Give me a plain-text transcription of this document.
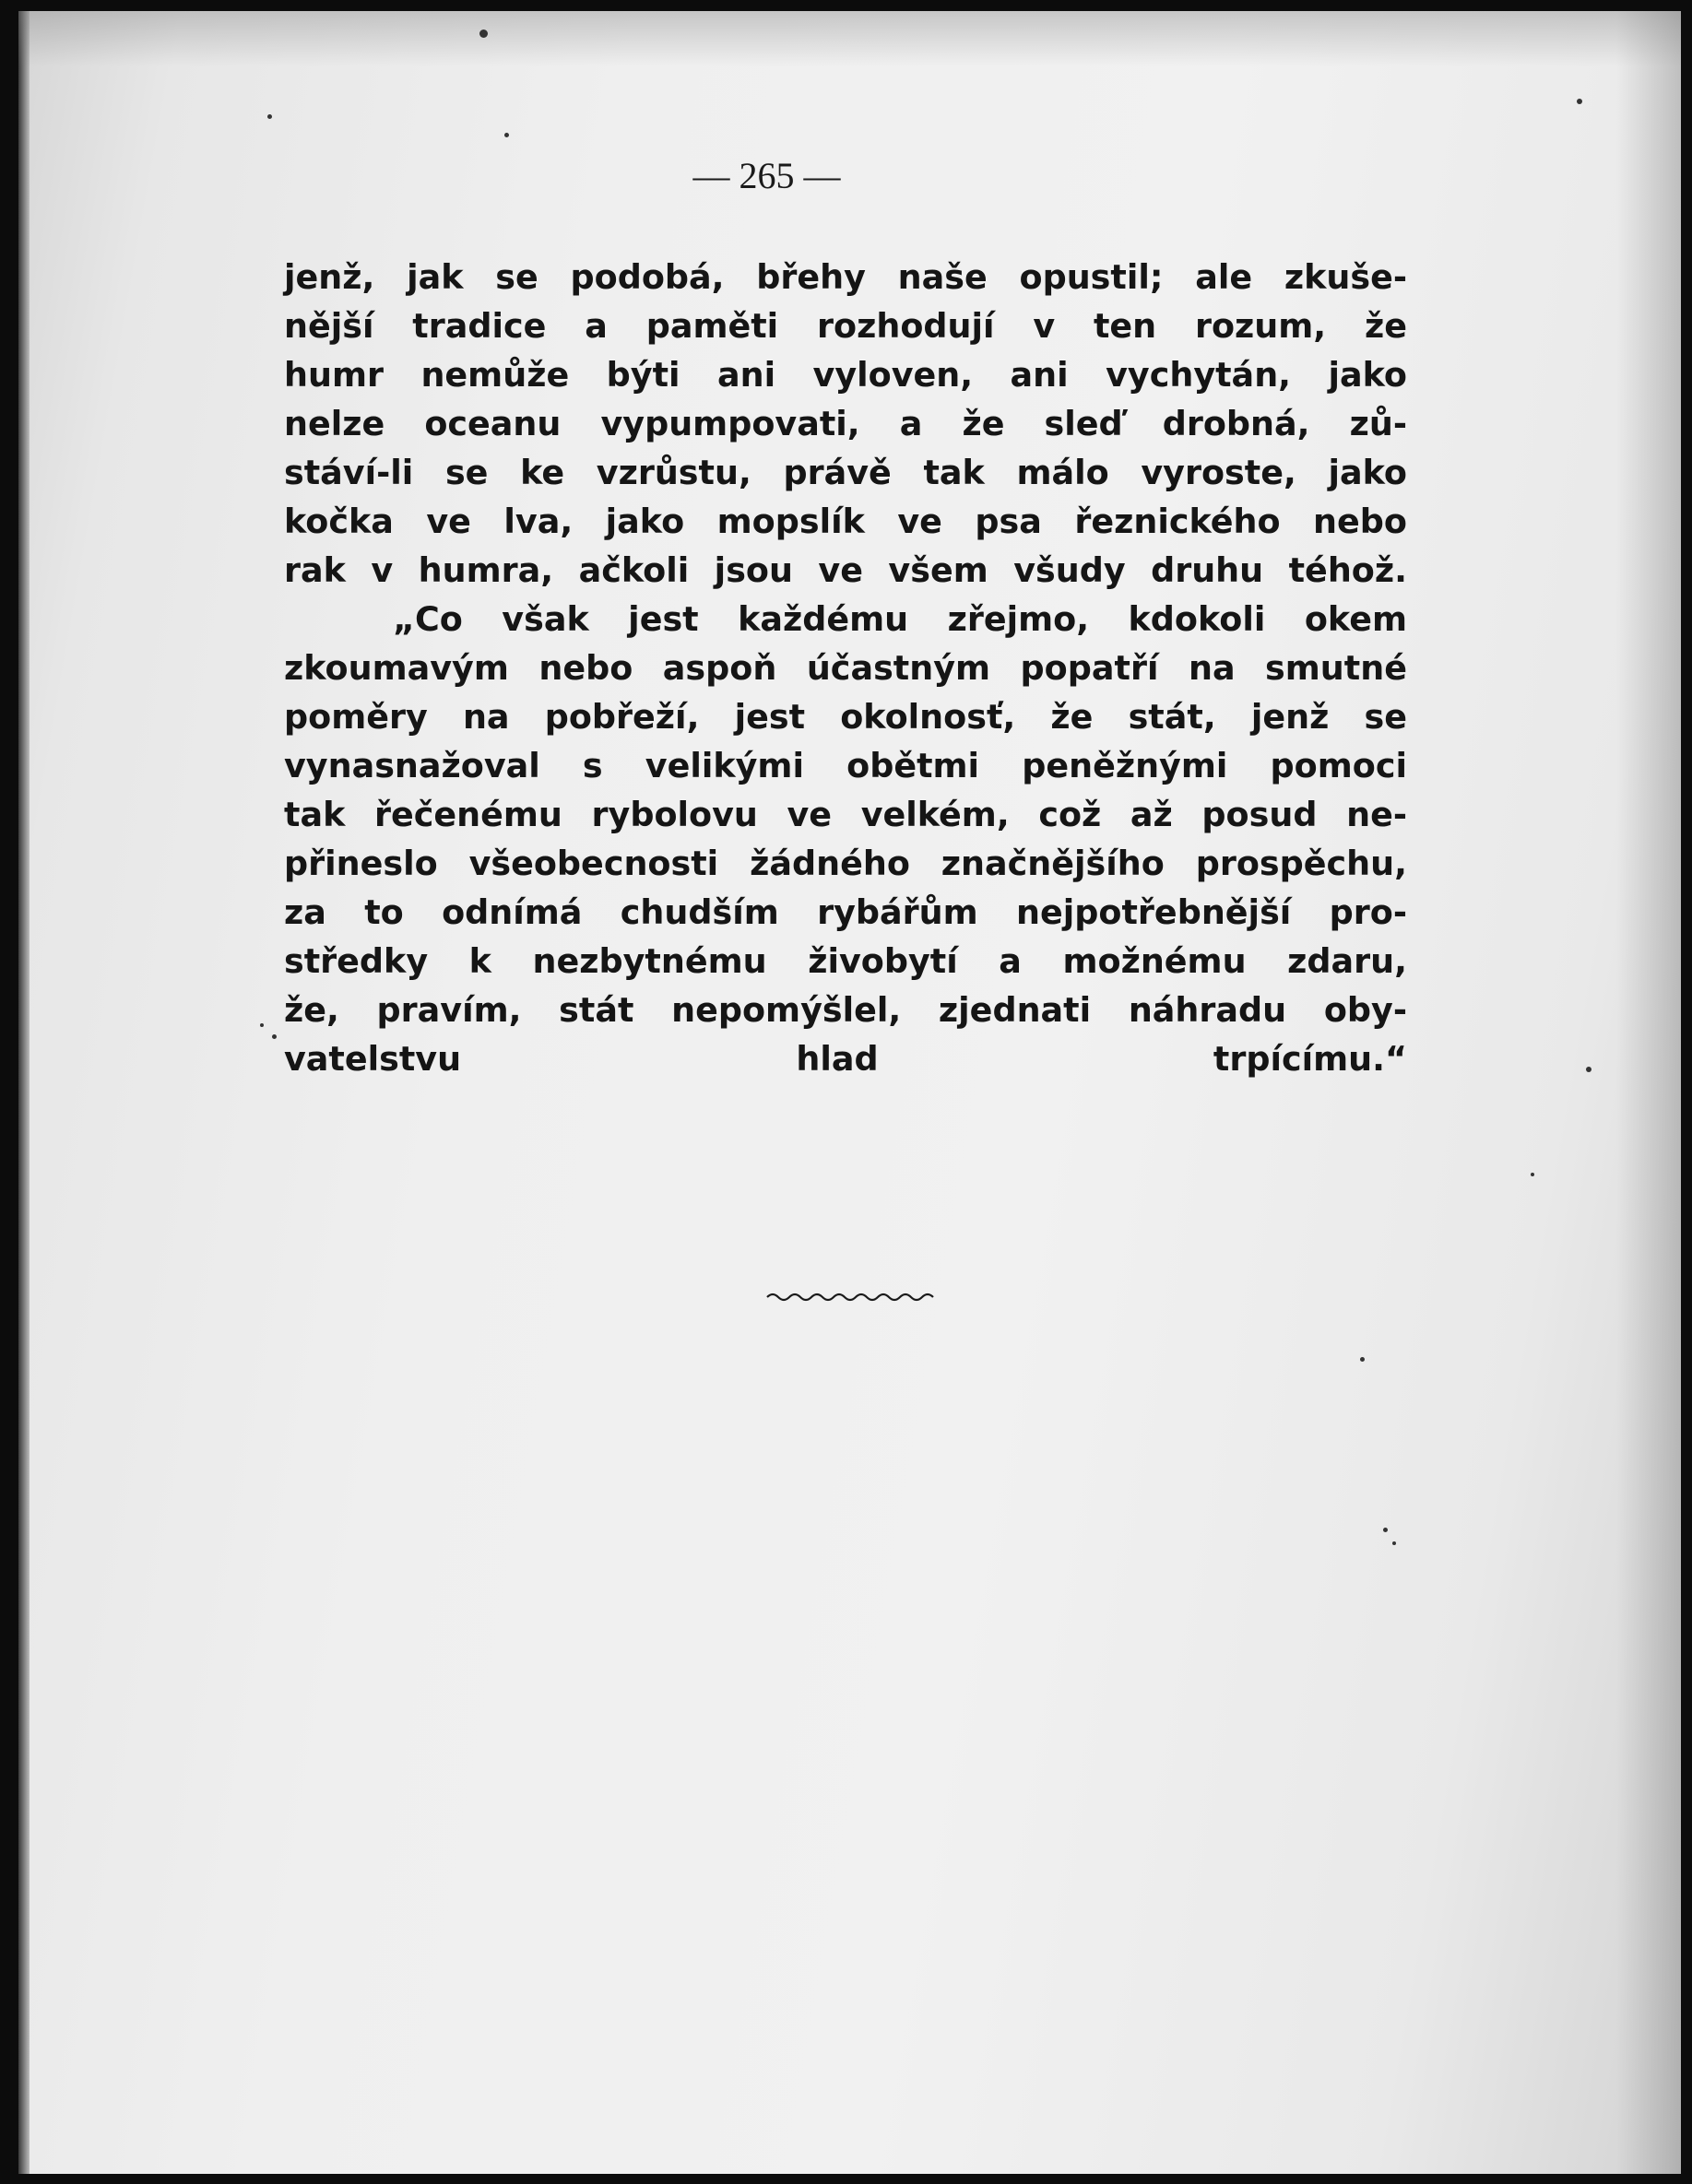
— 265 —
jenž, jak se podobá, břehy naše opustil; ale zkuše-
nější tradice a paměti rozhodují v ten rozum, že
humr nemůže býti ani vyloven, ani vychytán, jako
nelze oceanu vypumpovati, a že sleď drobná, zů-
stáví-li se ke vzrůstu, právě tak málo vyroste, jako
kočka ve lva, jako mopslík ve psa řeznického nebo
rak v humra, ačkoli jsou ve všem všudy druhu téhož.
„Co však jest každému zřejmo, kdokoli okem
zkoumavým nebo aspoň účastným popatří na smutné
poměry na pobřeží, jest okolnosť, že stát, jenž se
vynasnažoval s velikými obětmi peněžnými pomoci
tak řečenému rybolovu ve velkém, což až posud ne-
přineslo všeobecnosti žádného značnějšího prospěchu,
za to odnímá chudším rybářům nejpotřebnější pro-
středky k nezbytnému živobytí a možnému zdaru,
že, pravím, stát nepomýšlel, zjednati náhradu oby-
vatelstvu hlad trpícímu.“
